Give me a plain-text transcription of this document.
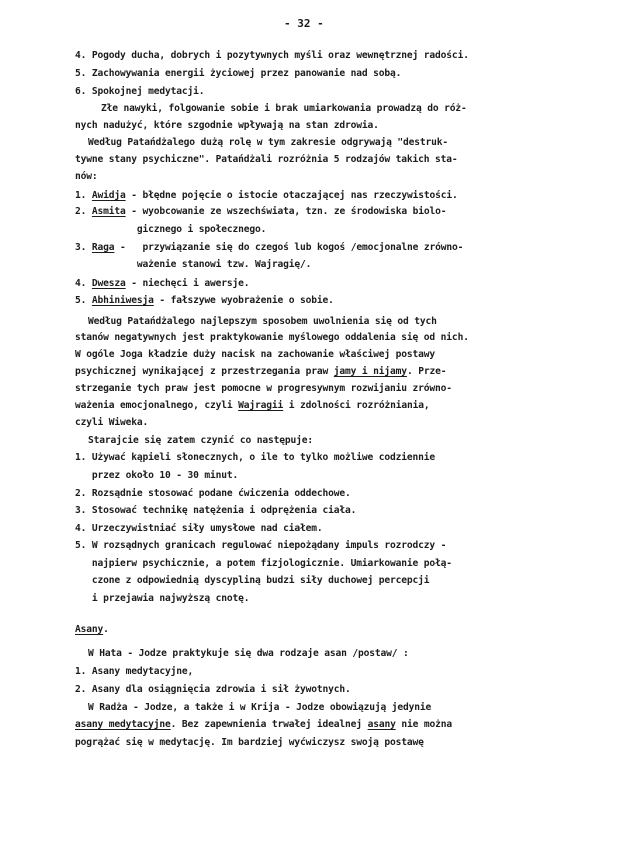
- 32 -
4. Pogody ducha, dobrych i pozytywnych myśli oraz wewnętrznej radości.
5. Zachowywania energii życiowej przez panowanie nad sobą.
6. Spokojnej medytacji.
Złe nawyki, folgowanie sobie i brak umiarkowania prowadzą do róż-
nych nadużyć, które szgodnie wpływają na stan zdrowia.
Według Patańdżalego dużą rolę w tym zakresie odgrywają "destruk-
tywne stany psychiczne". Patańdżali rozróżnia 5 rodzajów takich sta-
nów:
1. Awidja - błędne pojęcie o istocie otaczającej nas rzeczywistości.
2. Asmita - wyobcowanie ze wszechświata, tzn. ze środowiska biolo-
gicznego i społecznego.
3. Raga -   przywiązanie się do czegoś lub kogoś /emocjonalne zrówno-
ważenie stanowi tzw. Wajragię/.
4. Dwesza - niechęci i awersje.
5. Abhiniwesja - fałszywe wyobrażenie o sobie.
Według Patańdżalego najlepszym sposobem uwolnienia się od tych
stanów negatywnych jest praktykowanie myślowego oddalenia się od nich.
W ogóle Joga kładzie duży nacisk na zachowanie właściwej postawy
psychicznej wynikającej z przestrzegania praw jamy i nijamy. Prze-
strzeganie tych praw jest pomocne w progresywnym rozwijaniu zrówno-
ważenia emocjonalnego, czyli Wajragii i zdolności rozróżniania,
czyli Wiweka.
Starajcie się zatem czynić co następuje:
1. Używać kąpieli słonecznych, o ile to tylko możliwe codziennie
przez około 10 - 30 minut.
2. Rozsądnie stosować podane ćwiczenia oddechowe.
3. Stosować technikę natężenia i odprężenia ciała.
4. Urzeczywistniać siły umysłowe nad ciałem.
5. W rozsądnych granicach regulować niepożądany impuls rozrodczy -
najpierw psychicznie, a potem fizjologicznie. Umiarkowanie połą-
czone z odpowiednią dyscypliną budzi siły duchowej percepcji
i przejawia najwyższą cnotę.
Asany.
W Hata - Jodze praktykuje się dwa rodzaje asan /postaw/ :
1. Asany medytacyjne,
2. Asany dla osiągnięcia zdrowia i sił żywotnych.
W Radża - Jodze, a także i w Krija - Jodze obowiązują jedynie
asany medytacyjne. Bez zapewnienia trwałej idealnej asany nie można
pogrążać się w medytację. Im bardziej wyćwiczysz swoją postawę
